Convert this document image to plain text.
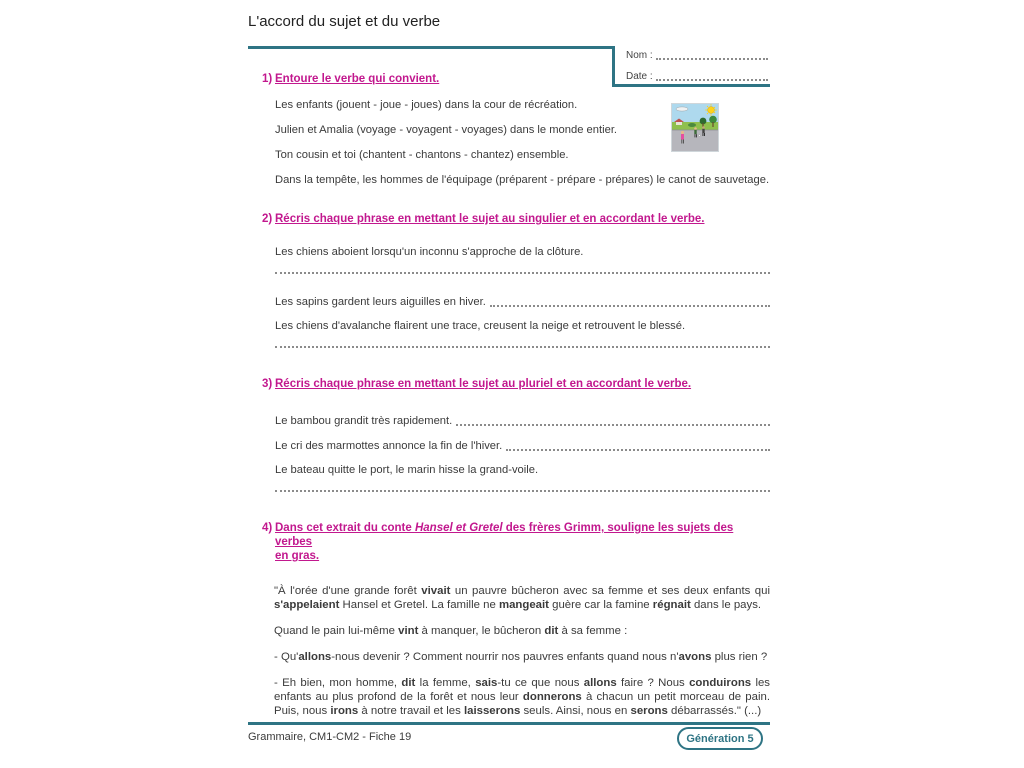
L'accord du sujet et du verbe
Nom :
Date :
1) Entoure le verbe qui convient.
Les enfants (jouent - joue - joues) dans la cour de récréation.
Julien et Amalia (voyage - voyagent - voyages) dans le monde entier.
Ton cousin et toi (chantent - chantons - chantez) ensemble.
Dans la tempête, les hommes de l'équipage (préparent - prépare - prépares) le canot de sauvetage.
2) Récris chaque phrase en mettant le sujet au singulier et en accordant le verbe.
Les chiens aboient lorsqu'un inconnu s'approche de la clôture.
Les sapins gardent leurs aiguilles en hiver.
Les chiens d'avalanche flairent une trace, creusent la neige et retrouvent le blessé.
3) Récris chaque phrase en mettant le sujet au pluriel et en accordant le verbe.
Le bambou grandit très rapidement.
Le cri des marmottes annonce la fin de l'hiver.
Le bateau quitte le port, le marin hisse la grand-voile.
4) Dans cet extrait du conte Hansel et Gretel des frères Grimm, souligne les sujets des verbes
en gras.
"À l'orée d'une grande forêt vivait un pauvre bûcheron avec sa femme et ses deux enfants qui s'appelaient Hansel et Gretel. La famille ne mangeait guère car la famine régnait dans le pays.
Quand le pain lui-même vint à manquer, le bûcheron dit à sa femme :
- Qu'allons-nous devenir ? Comment nourrir nos pauvres enfants quand nous n'avons plus rien ?
- Eh bien, mon homme, dit la femme, sais-tu ce que nous allons faire ? Nous conduirons les enfants au plus profond de la forêt et nous leur donnerons à chacun un petit morceau de pain. Puis, nous irons à notre travail et les laisserons seuls. Ainsi, nous en serons débarrassés." (...)
Grammaire, CM1-CM2 - Fiche 19	Génération 5
